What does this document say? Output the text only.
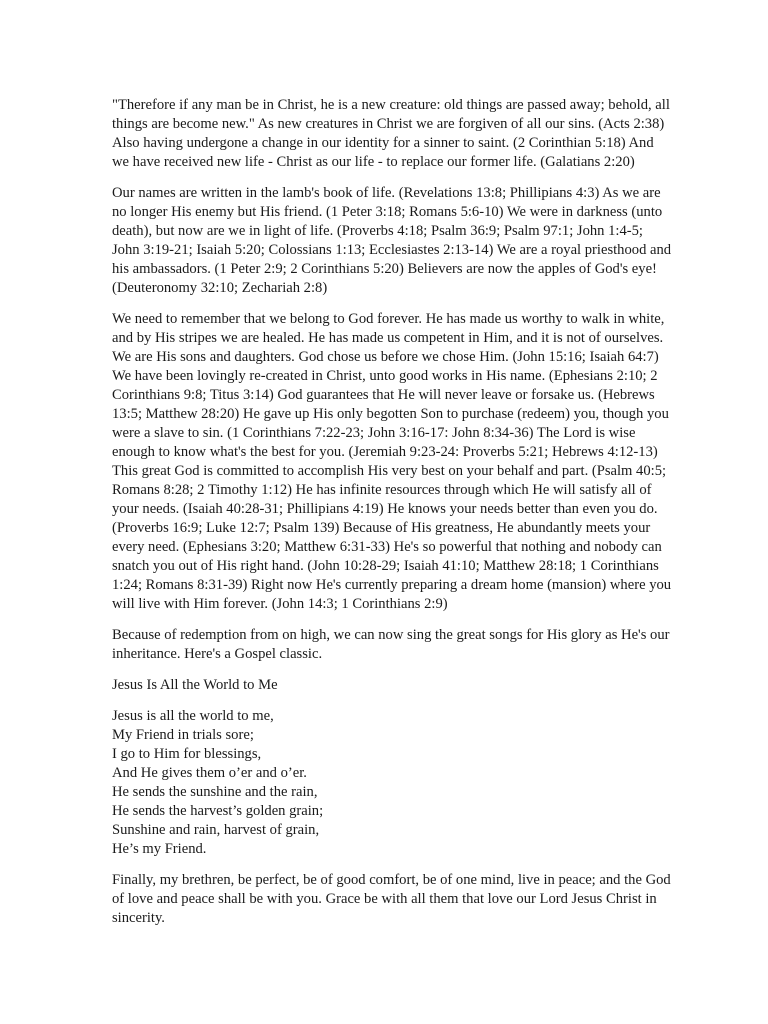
"Therefore if any man be in Christ, he is a new creature: old things are passed away; behold, all things are become new." As new creatures in Christ we are forgiven of all our sins. (Acts 2:38) Also having undergone a change in our identity for a sinner to saint. (2 Corinthian 5:18) And we have received new life - Christ as our life - to replace our former life. (Galatians 2:20)

Our names are written in the lamb's book of life. (Revelations 13:8; Phillipians 4:3) As we are no longer His enemy but His friend. (1 Peter 3:18; Romans 5:6-10) We were in darkness (unto death), but now are we in light of life. (Proverbs 4:18; Psalm 36:9; Psalm 97:1; John 1:4-5; John 3:19-21; Isaiah 5:20; Colossians 1:13; Ecclesiastes 2:13-14) We are a royal priesthood and his ambassadors. (1 Peter 2:9; 2 Corinthians 5:20) Believers are now the apples of God's eye! (Deuteronomy 32:10; Zechariah 2:8)

We need to remember that we belong to God forever. He has made us worthy to walk in white, and by His stripes we are healed. He has made us competent in Him, and it is not of ourselves. We are His sons and daughters. God chose us before we chose Him. (John 15:16; Isaiah 64:7) We have been lovingly re-created in Christ, unto good works in His name. (Ephesians 2:10; 2 Corinthians 9:8; Titus 3:14) God guarantees that He will never leave or forsake us. (Hebrews 13:5; Matthew 28:20) He gave up His only begotten Son to purchase (redeem) you, though you were a slave to sin. (1 Corinthians 7:22-23; John 3:16-17: John 8:34-36) The Lord is wise enough to know what's the best for you. (Jeremiah 9:23-24: Proverbs 5:21; Hebrews 4:12-13) This great God is committed to accomplish His very best on your behalf and part. (Psalm 40:5; Romans 8:28; 2 Timothy 1:12) He has infinite resources through which He will satisfy all of your needs. (Isaiah 40:28-31; Phillipians 4:19) He knows your needs better than even you do. (Proverbs 16:9; Luke 12:7; Psalm 139) Because of His greatness, He abundantly meets your every need. (Ephesians 3:20; Matthew 6:31-33) He's so powerful that nothing and nobody can snatch you out of His right hand. (John 10:28-29; Isaiah 41:10; Matthew 28:18; 1 Corinthians 1:24; Romans 8:31-39) Right now He's currently preparing a dream home (mansion) where you will live with Him forever. (John 14:3; 1 Corinthians 2:9)

Because of redemption from on high, we can now sing the great songs for His glory as He's our inheritance. Here's a Gospel classic.

Jesus Is All the World to Me

Jesus is all the world to me,
My Friend in trials sore;
I go to Him for blessings,
And He gives them o’er and o’er.
He sends the sunshine and the rain,
He sends the harvest’s golden grain;
Sunshine and rain, harvest of grain,
He’s my Friend.

Finally, my brethren, be perfect, be of good comfort, be of one mind, live in peace; and the God of love and peace shall be with you. Grace be with all them that love our Lord Jesus Christ in sincerity.
